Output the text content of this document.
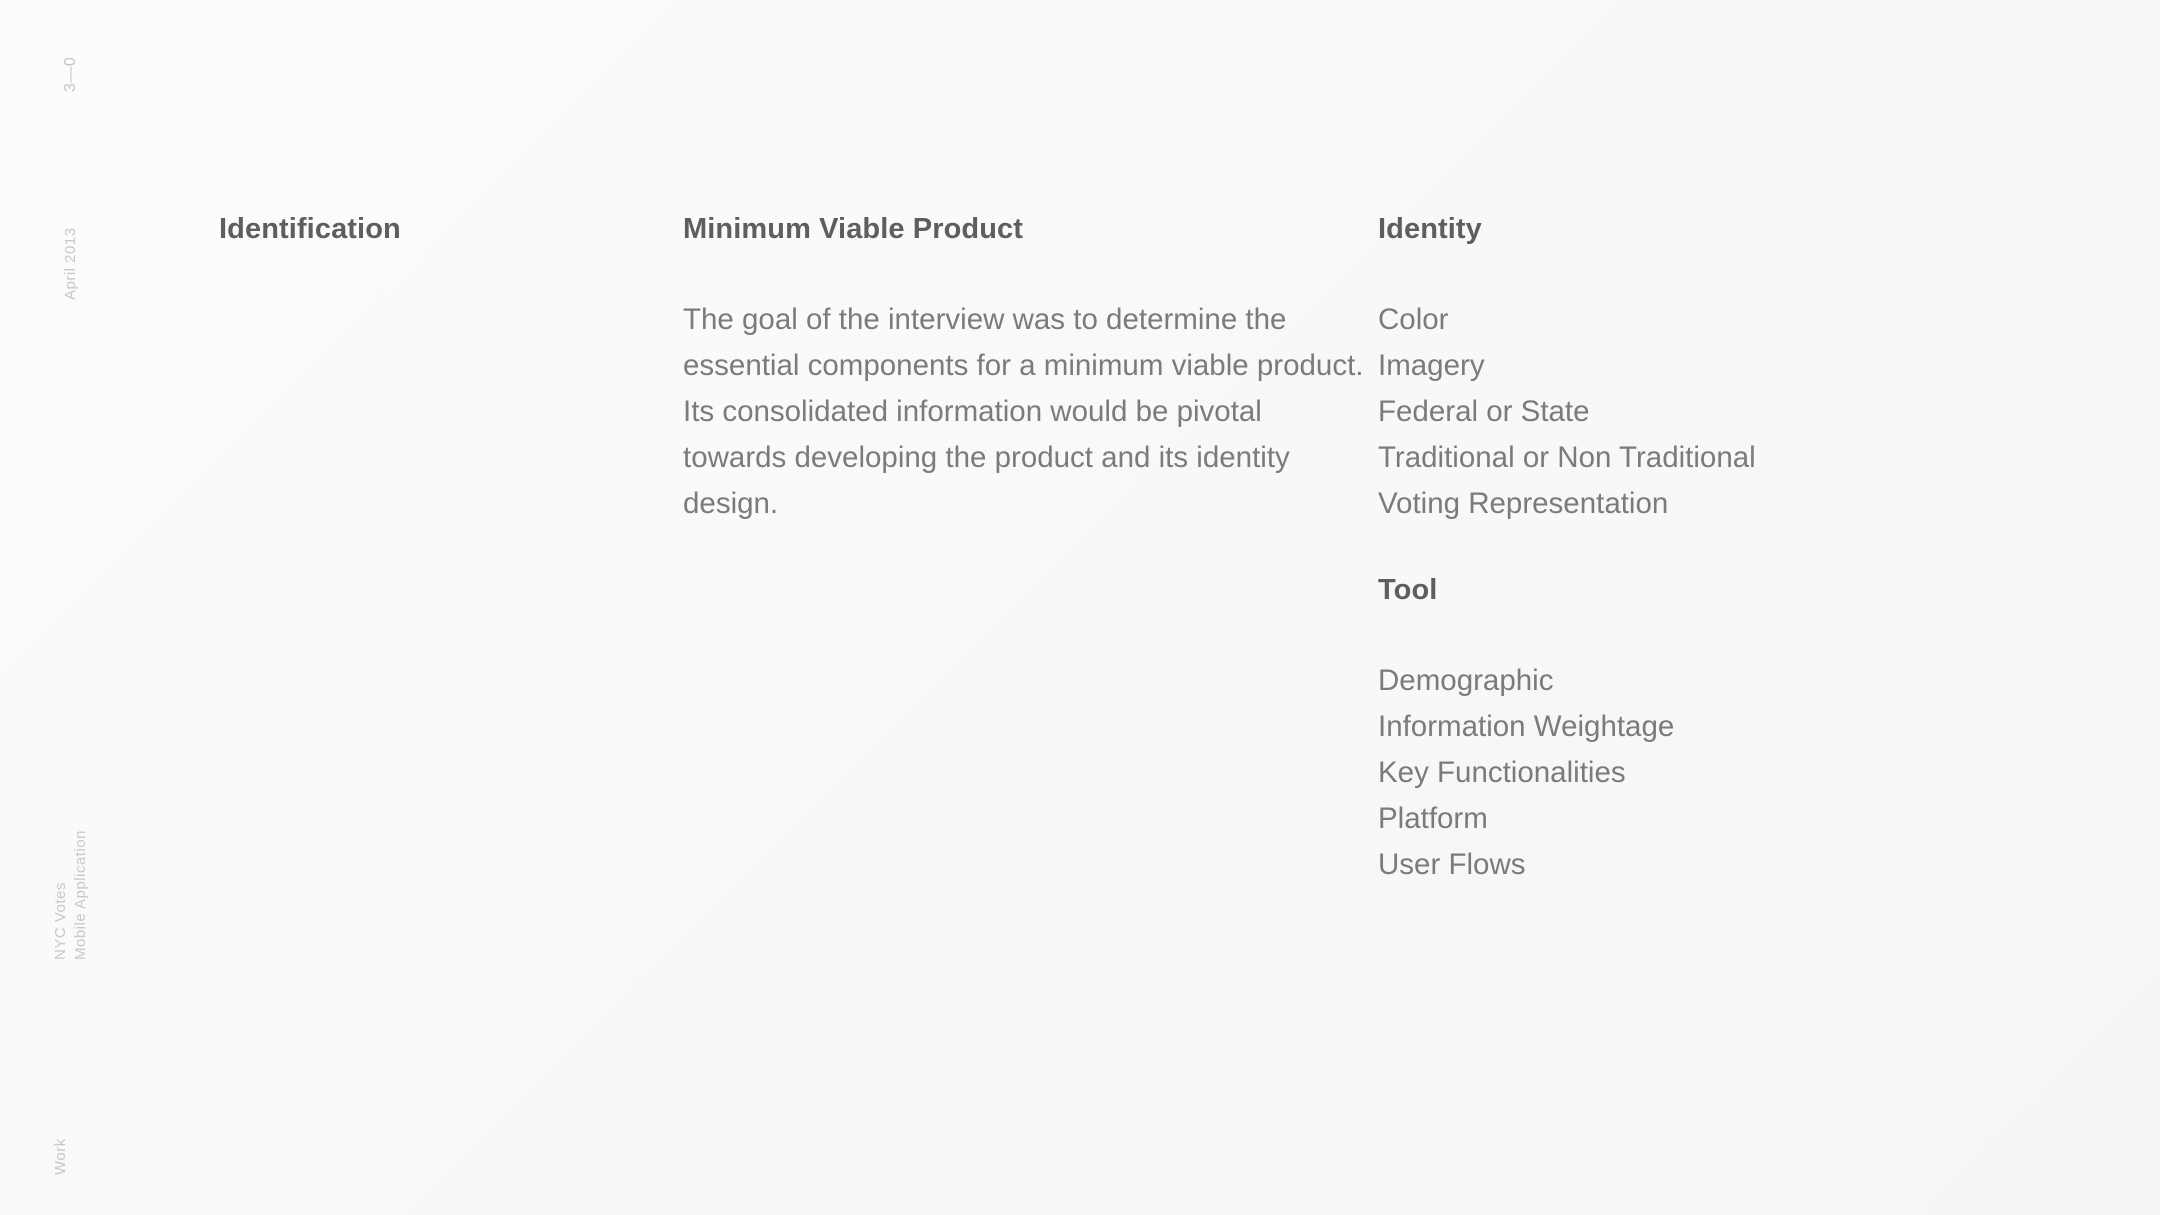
3—0
April 2013
NYC Votes Mobile Application
Work
Identification	Minimum Viable Product

The goal of the interview was to determine the essential components for a minimum viable product. Its consolidated information would be pivotal towards developing the product and its identity design.

Identity
Color
Imagery
Federal or State
Traditional or Non Traditional
Voting Representation
Tool
Demographic
Information Weightage
Key Functionalities
Platform
User Flows
